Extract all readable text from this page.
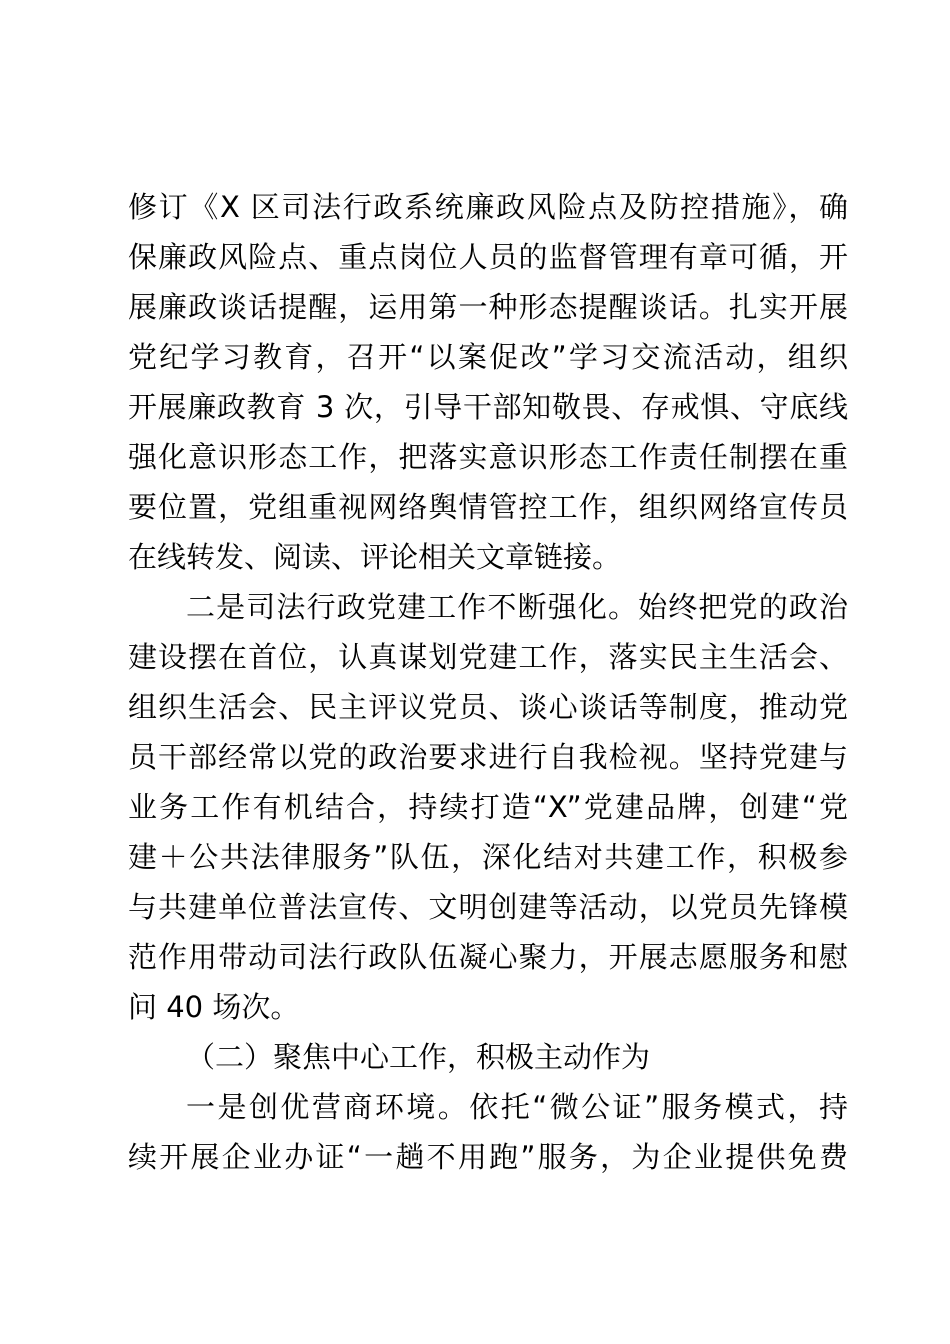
修订《X 区司法行政系统廉政风险点及防控措施》，确
保廉政风险点、重点岗位人员的监督管理有章可循，开
展廉政谈话提醒，运用第一种形态提醒谈话。扎实开展
党纪学习教育，召开“以案促改”学习交流活动，组织
开展廉政教育 3 次，引导干部知敬畏、存戒惧、守底线
强化意识形态工作，把落实意识形态工作责任制摆在重
要位置，党组重视网络舆情管控工作，组织网络宣传员
在线转发、阅读、评论相关文章链接。
二是司法行政党建工作不断强化。始终把党的政治
建设摆在首位，认真谋划党建工作，落实民主生活会、
组织生活会、民主评议党员、谈心谈话等制度，推动党
员干部经常以党的政治要求进行自我检视。坚持党建与
业务工作有机结合，持续打造“X”党建品牌，创建“党
建＋公共法律服务”队伍，深化结对共建工作，积极参
与共建单位普法宣传、文明创建等活动，以党员先锋模
范作用带动司法行政队伍凝心聚力，开展志愿服务和慰
问 40 场次。
（二）聚焦中心工作，积极主动作为
一是创优营商环境。依托“微公证”服务模式，持
续开展企业办证“一趟不用跑”服务，为企业提供免费
